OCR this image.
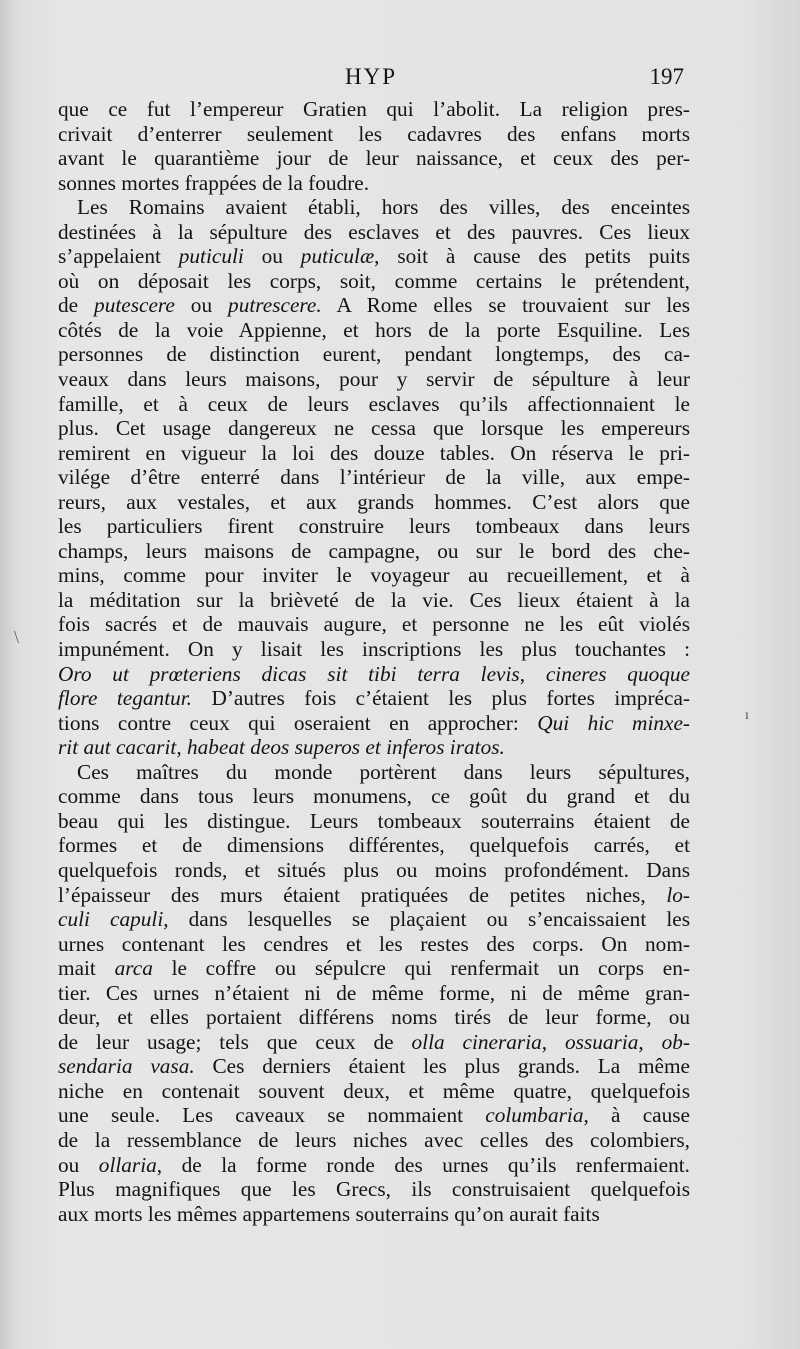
HYP	197
\
ı

que ce fut l’empereur Gratien qui l’abolit. La religion pres-
crivait d’enterrer seulement les cadavres des enfans morts
avant le quarantième jour de leur naissance, et ceux des per-
sonnes mortes frappées de la foudre.

Les Romains avaient établi, hors des villes, des enceintes
destinées à la sépulture des esclaves et des pauvres. Ces lieux
s’appelaient puticuli ou puticulæ, soit à cause des petits puits
où on déposait les corps, soit, comme certains le prétendent,
de putescere ou putrescere. A Rome elles se trouvaient sur les
côtés de la voie Appienne, et hors de la porte Esquiline. Les
personnes de distinction eurent, pendant longtemps, des ca-
veaux dans leurs maisons, pour y servir de sépulture à leur
famille, et à ceux de leurs esclaves qu’ils affectionnaient le
plus. Cet usage dangereux ne cessa que lorsque les empereurs
remirent en vigueur la loi des douze tables. On réserva le pri-
vilége d’être enterré dans l’intérieur de la ville, aux empe-
reurs, aux vestales, et aux grands hommes. C’est alors que
les particuliers firent construire leurs tombeaux dans leurs
champs, leurs maisons de campagne, ou sur le bord des che-
mins, comme pour inviter le voyageur au recueillement, et à
la méditation sur la brièveté de la vie. Ces lieux étaient à la
fois sacrés et de mauvais augure, et personne ne les eût violés
impunément. On y lisait les inscriptions les plus touchantes :
Oro ut prœteriens dicas sit tibi terra levis, cineres quoque
flore tegantur. D’autres fois c’étaient les plus fortes impréca-
tions contre ceux qui oseraient en approcher: Qui hic minxe-
rit aut cacarit, habeat deos superos et inferos iratos.

Ces maîtres du monde portèrent dans leurs sépultures,
comme dans tous leurs monumens, ce goût du grand et du
beau qui les distingue. Leurs tombeaux souterrains étaient de
formes et de dimensions différentes, quelquefois carrés, et
quelquefois ronds, et situés plus ou moins profondément. Dans
l’épaisseur des murs étaient pratiquées de petites niches, lo-
culi capuli, dans lesquelles se plaçaient ou s’encaissaient les
urnes contenant les cendres et les restes des corps. On nom-
mait arca le coffre ou sépulcre qui renfermait un corps en-
tier. Ces urnes n’étaient ni de même forme, ni de même gran-
deur, et elles portaient différens noms tirés de leur forme, ou
de leur usage; tels que ceux de olla cineraria, ossuaria, ob-
sendaria vasa. Ces derniers étaient les plus grands. La même
niche en contenait souvent deux, et même quatre, quelquefois
une seule. Les caveaux se nommaient columbaria, à cause
de la ressemblance de leurs niches avec celles des colombiers,
ou ollaria, de la forme ronde des urnes qu’ils renfermaient.
Plus magnifiques que les Grecs, ils construisaient quelquefois
aux morts les mêmes appartemens souterrains qu’on aurait faits
